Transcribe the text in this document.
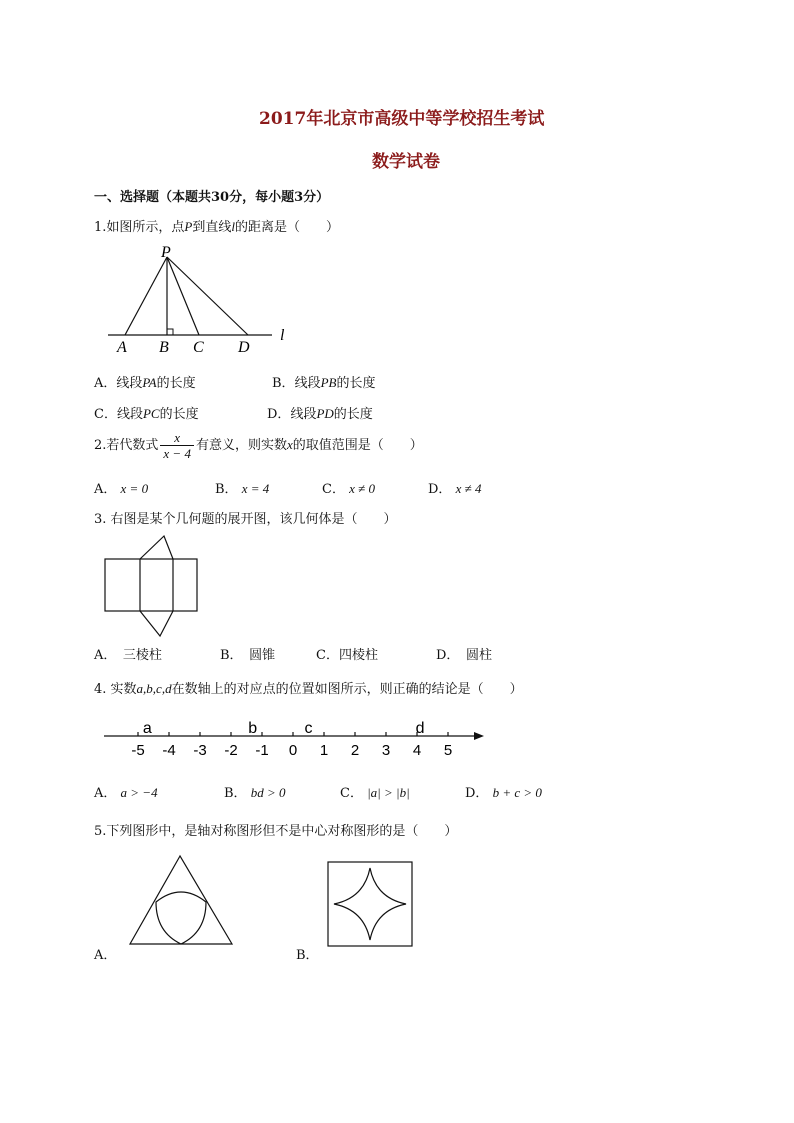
2017年北京市高级中等学校招生考试
数学试卷
一、选择题（本题共30分，每小题3分）
1.如图所示，点P到直线l的距离是（　　）
P
A B C D
l
A．线段PA的长度	B．线段PB的长度
C．线段PC的长度	D．线段PD的长度
2.若代数式 $\frac{x}{x - 4}$ 有意义，则实数x的取值范围是（　　）
A． x = 0	B． x = 4	C． x ≠ 0	D． x ≠ 4
3. 右图是某个几何题的展开图，该几何体是（　　）
A．　 三棱柱	B．　 圆锥	C．四棱柱	D．　 圆柱
4. 实数a,b,c,d在数轴上的对应点的位置如图所示，则正确的结论是（　　）
-5 -4 -3 -2 -1 0 1 2 3 4 5
a	b	c	d
A． a > −4	B． bd > 0	C． |a| > |b|	D． b + c > 0
5.下列图形中，是轴对称图形但不是中心对称图形的是（　　）
A．	B．
